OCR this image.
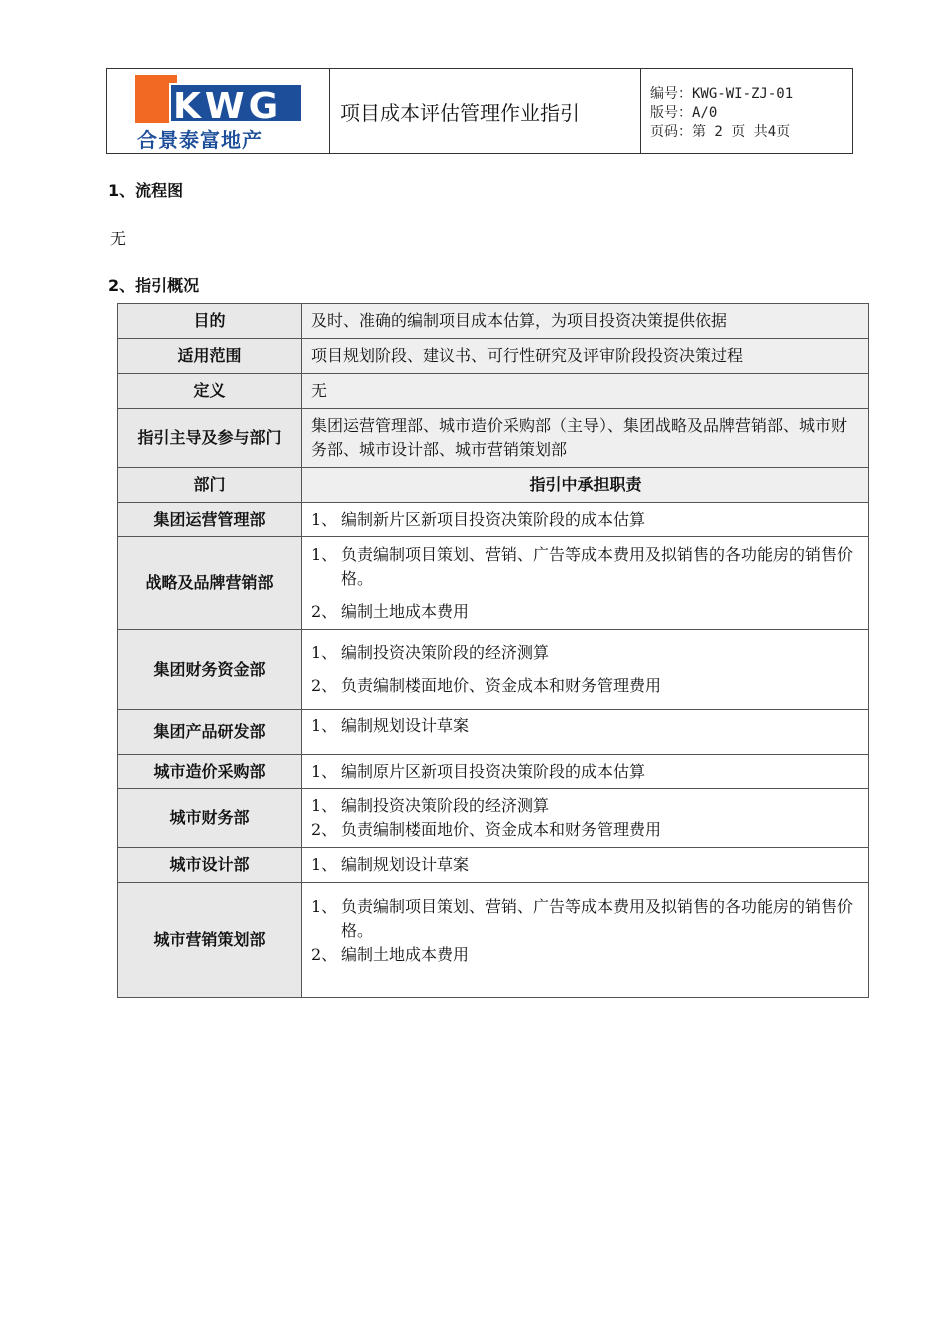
KWG
合景泰富地产
项目成本评估管理作业指引
编号：KWG-WI-ZJ-01
版号：A/0
页码：第 2 页 共4页
1、流程图
无
2、指引概况
目的	及时、准确的编制项目成本估算，为项目投资决策提供依据
适用范围	项目规划阶段、建议书、可行性研究及评审阶段投资决策过程
定义	无
指引主导及参与部门	集团运营管理部、城市造价采购部（主导）、集团战略及品牌营销部、城市财务部、城市设计部、城市营销策划部
部门	指引中承担职责
集团运营管理部	1、 编制新片区新项目投资决策阶段的成本估算

战略及品牌营销部	1、 负责编制项目策划、营销、广告等成本费用及拟销售的各功能房的销售价格。
2、 编制土地成本费用

集团财务资金部	1、 编制投资决策阶段的经济测算
2、 负责编制楼面地价、资金成本和财务管理费用

集团产品研发部	1、 编制规划设计草案

城市造价采购部	1、 编制原片区新项目投资决策阶段的成本估算

城市财务部	1、 编制投资决策阶段的经济测算
2、 负责编制楼面地价、资金成本和财务管理费用

城市设计部	1、 编制规划设计草案

城市营销策划部	1、 负责编制项目策划、营销、广告等成本费用及拟销售的各功能房的销售价格。
2、 编制土地成本费用
